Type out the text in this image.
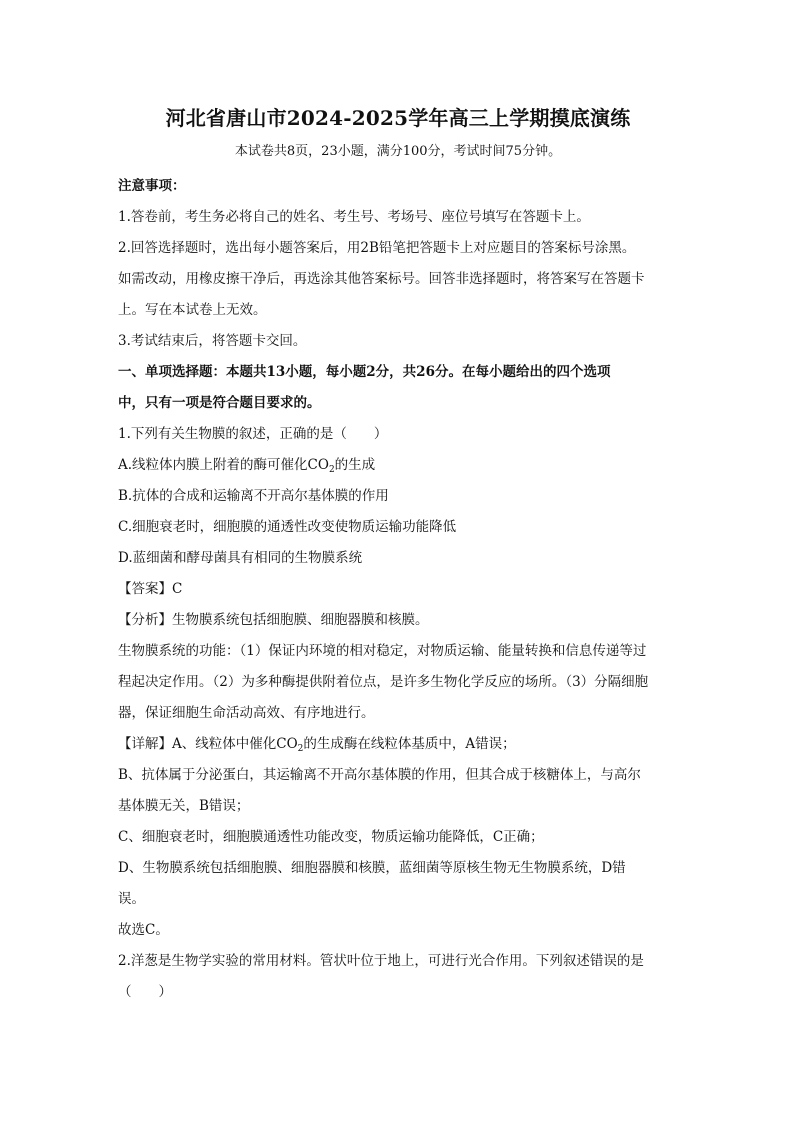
河北省唐山市2024-2025学年高三上学期摸底演练
本试卷共8页，23小题，满分100分，考试时间75分钟。

注意事项：

1.答卷前，考生务必将自己的姓名、考生号、考场号、座位号填写在答题卡上。

2.回答选择题时，选出每小题答案后，用2B铅笔把答题卡上对应题目的答案标号涂黑。

如需改动，用橡皮擦干净后，再选涂其他答案标号。回答非选择题时，将答案写在答题卡

上。写在本试卷上无效。

3.考试结束后，将答题卡交回。

一、单项选择题：本题共13小题，每小题2分，共26分。在每小题给出的四个选项

中，只有一项是符合题目要求的。

1.下列有关生物膜的叙述，正确的是（　　）

A.线粒体内膜上附着的酶可催化$CO_2$的生成

B.抗体的合成和运输离不开高尔基体膜的作用

C.细胞衰老时，细胞膜的通透性改变使物质运输功能降低

D.蓝细菌和酵母菌具有相同的生物膜系统

【答案】C

【分析】生物膜系统包括细胞膜、细胞器膜和核膜。

生物膜系统的功能：（1）保证内环境的相对稳定，对物质运输、能量转换和信息传递等过

程起决定作用。（2）为多种酶提供附着位点，是许多生物化学反应的场所。（3）分隔细胞

器，保证细胞生命活动高效、有序地进行。

【详解】A、线粒体中催化$CO_2$的生成酶在线粒体基质中，A错误；

B、抗体属于分泌蛋白，其运输离不开高尔基体膜的作用，但其合成于核糖体上，与高尔

基体膜无关，B错误；

C、细胞衰老时，细胞膜通透性功能改变，物质运输功能降低，C正确；

D、生物膜系统包括细胞膜、细胞器膜和核膜，蓝细菌等原核生物无生物膜系统，D错

误。

故选C。

2.洋葱是生物学实验的常用材料。管状叶位于地上，可进行光合作用。下列叙述错误的是

（　　）
